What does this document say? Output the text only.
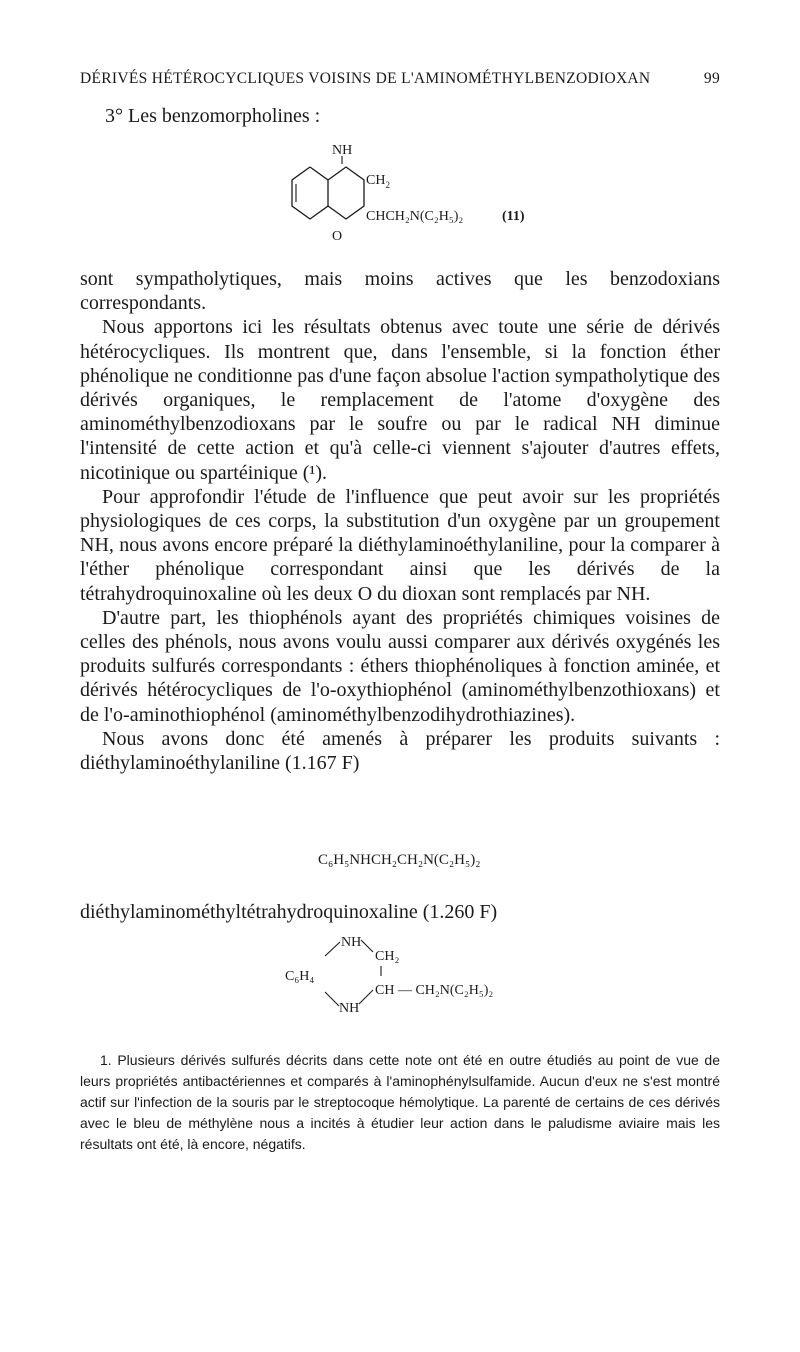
DÉRIVÉS HÉTÉROCYCLIQUES VOISINS DE L'AMINOMÉTHYLBENZODIOXAN	99
3° Les benzomorpholines :
NH
$CH_2$
CHCH₂N(C₂H₅)₂	(11)
O

sont sympatholytiques, mais moins actives que les benzodoxians correspondants.

Nous apportons ici les résultats obtenus avec toute une série de dérivés hétérocycliques. Ils montrent que, dans l'ensemble, si la fonction éther phénolique ne conditionne pas d'une façon absolue l'action sympatholytique des dérivés organiques, le remplacement de l'atome d'oxygène des aminométhylbenzodioxans par le soufre ou par le radical NH diminue l'intensité de cette action et qu'à celle-ci viennent s'ajouter d'autres effets, nicotinique ou spartéinique (¹).

Pour approfondir l'étude de l'influence que peut avoir sur les propriétés physiologiques de ces corps, la substitution d'un oxygène par un groupement NH, nous avons encore préparé la diéthylaminoéthylaniline, pour la comparer à l'éther phénolique correspondant ainsi que les dérivés de la tétrahydroquinoxaline où les deux O du dioxan sont remplacés par NH.

D'autre part, les thiophénols ayant des propriétés chimiques voisines de celles des phénols, nous avons voulu aussi comparer aux dérivés oxygénés les produits sulfurés correspondants : éthers thiophénoliques à fonction aminée, et dérivés hétérocycliques de l'o-oxythiophénol (aminométhylbenzothioxans) et de l'o-aminothiophénol (aminométhylbenzodihydrothiazines).

Nous avons donc été amenés à préparer les produits suivants : diéthylaminoéthylaniline (1.167 F)

C₆H₅NHCH₂CH₂N(C₂H₅)₂

diéthylaminométhyltétrahydroquinoxaline (1.260 F)

NH
CH₂
C₆H₄
CH — CH₂N(C₂H₅)₂
NH

1. Plusieurs dérivés sulfurés décrits dans cette note ont été en outre étudiés au point de vue de leurs propriétés antibactériennes et comparés à l'aminophénylsulfamide. Aucun d'eux ne s'est montré actif sur l'infection de la souris par le streptocoque hémolytique. La parenté de certains de ces dérivés avec le bleu de méthylène nous a incités à étudier leur action dans le paludisme aviaire mais les résultats ont été, là encore, négatifs.
